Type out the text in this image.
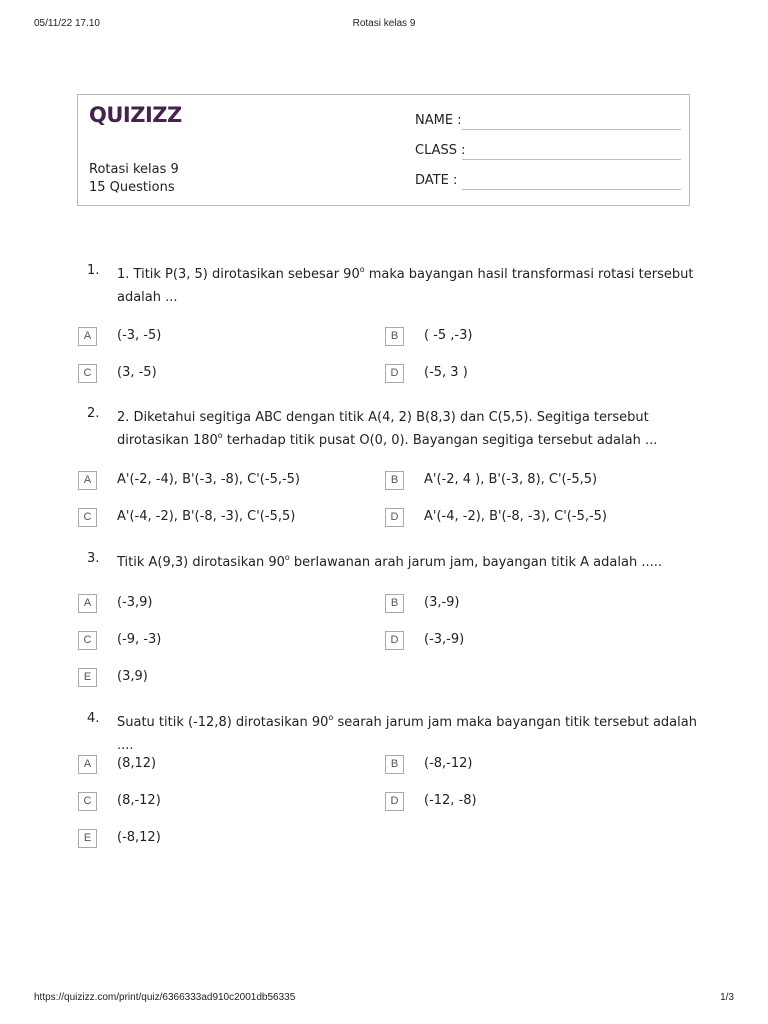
05/11/22 17.10	Rotasi kelas 9
QUIZIZZ
Rotasi kelas 9
15 Questions
NAME :
CLASS :
DATE :
1. 1. Titik P(3, 5) dirotasikan sebesar 90$^o$ maka bayangan hasil transformasi rotasi tersebut adalah ...
A	(-3, -5)	B	( -5 ,-3)
C	(3, -5)	D	(-5, 3 )
2. 2. Diketahui segitiga ABC dengan titik A(4, 2) B(8,3) dan C(5,5). Segitiga tersebut dirotasikan 180$^o$ terhadap titik pusat O(0, 0). Bayangan segitiga tersebut adalah ...
A	A'(-2, -4), B'(-3, -8), C'(-5,-5)	B	A'(-2, 4 ), B'(-3, 8), C'(-5,5)
C	A'(-4, -2), B'(-8, -3), C'(-5,5)	D	A'(-4, -2), B'(-8, -3), C'(-5,-5)
3. Titik A(9,3) dirotasikan 90$^o$ berlawanan arah jarum jam, bayangan titik A adalah .....
A	(-3,9)	B	(3,-9)
C	(-9, -3)	D	(-3,-9)
E	(3,9)
4. Suatu titik (-12,8) dirotasikan 90$^o$ searah jarum jam maka bayangan titik tersebut adalah ....
A	(8,12)	B	(-8,-12)
C	(8,-12)	D	(-12, -8)
E	(-8,12)
https://quizizz.com/print/quiz/6366333ad910c2001db56335	1/3
